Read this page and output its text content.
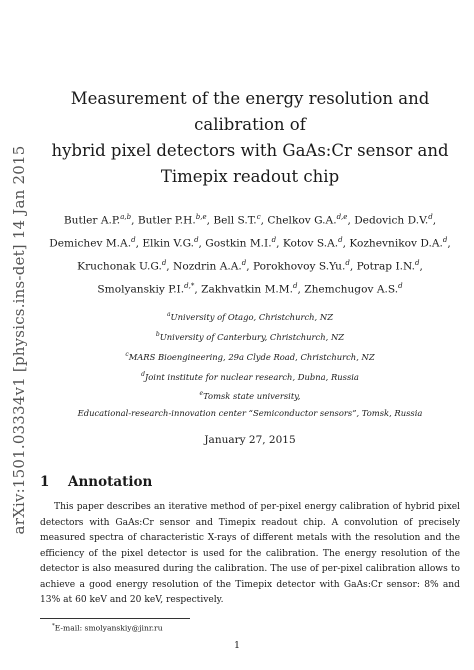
arXiv:1501.03334v1 [physics.ins-det] 14 Jan 2015
Measurement of the energy resolution and calibration of
hybrid pixel detectors with GaAs:Cr sensor and
Timepix readout chip
Butler A.P.$^{a,b}$, Butler P.H.$^{b,e}$, Bell S.T.$^c$, Chelkov G.A.$^{d,e}$, Dedovich D.V.$^d$,
Demichev M.A.$^d$, Elkin V.G.$^d$, Gostkin M.I.$^d$, Kotov S.A.$^d$, Kozhevnikov D.A.$^d$,
Kruchonak U.G.$^d$, Nozdrin A.A.$^d$, Porokhovoy S.Yu.$^d$, Potrap I.N.$^d$,
Smolyanskiy P.I.$^{d,*}$, Zakhvatkin M.M.$^d$, Zhemchugov A.S.$^d$
$^a$University of Otago, Christchurch, NZ
$^b$University of Canterbury, Christchurch, NZ
$^c$MARS Bioengineering, 29a Clyde Road, Christchurch, NZ
$^d$Joint institute for nuclear research, Dubna, Russia
$^e$Tomsk state university,
Educational-research-innovation center “Semiconductor sensors”, Tomsk, Russia
January 27, 2015
1 Annotation

This paper describes an iterative method of per-pixel energy calibration of hybrid pixel detectors with GaAs:Cr sensor and Timepix readout chip. A convolution of precisely measured spectra of characteristic X-rays of different metals with the resolution and the efficiency of the pixel detector is used for the calibration. The energy resolution of the detector is also measured during the calibration. The use of per-pixel calibration allows to achieve a good energy resolution of the Timepix detector with GaAs:Cr sensor: 8% and 13% at 60 keV and 20 keV, respectively.

*E-mail: smolyanskiy@jinr.ru
1
